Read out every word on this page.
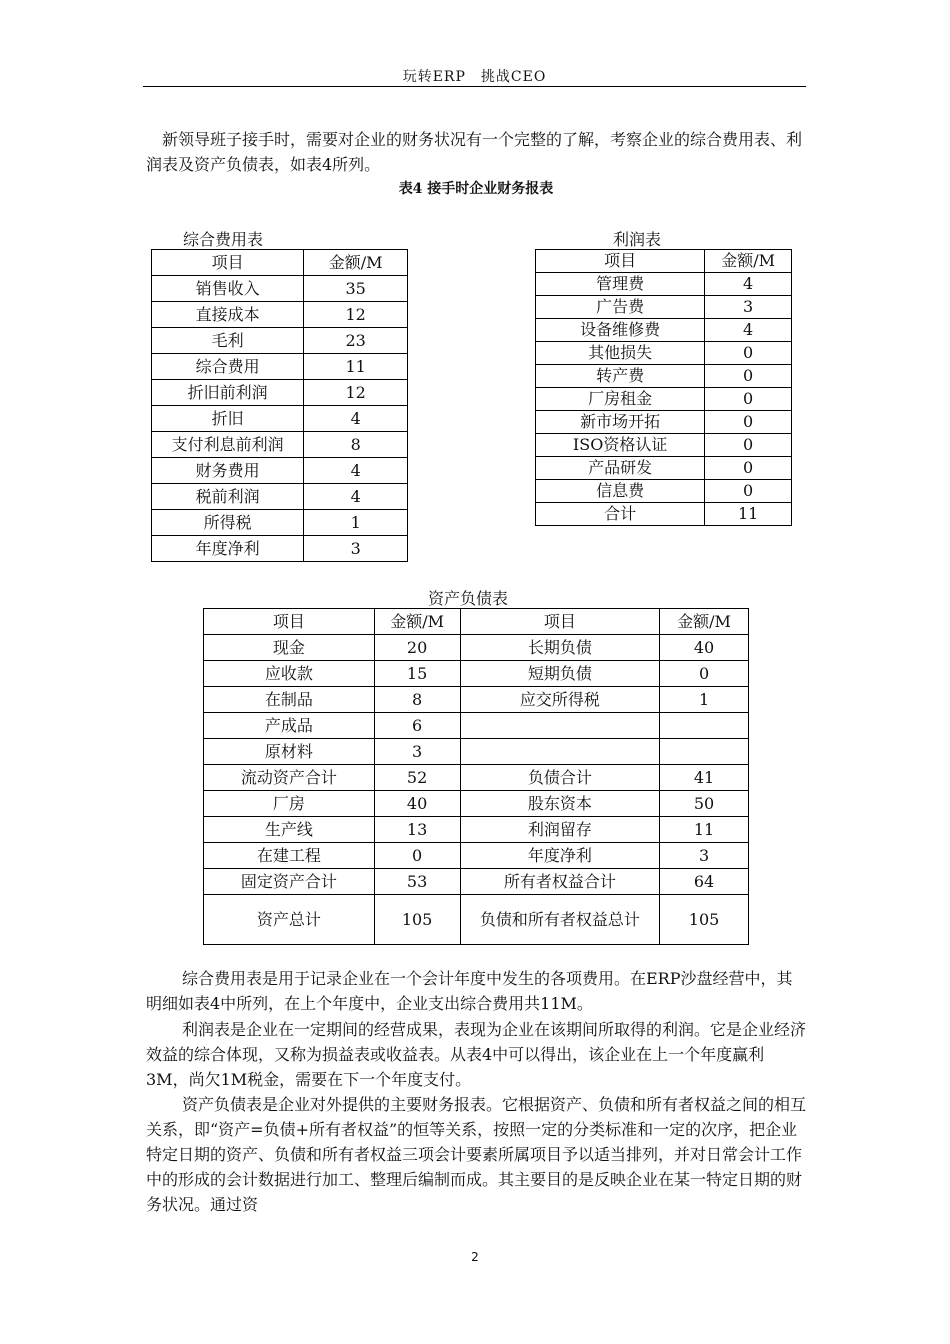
玩转ERP　挑战CEO

新领导班子接手时，需要对企业的财务状况有一个完整的了解，考察企业的综合费用表、利润表及资产负债表，如表4所列。

表4 接手时企业财务报表
综合费用表
项目	金额/M
销售收入	35
直接成本	12
毛利	23
综合费用	11
折旧前利润	12
折旧	4
支付利息前利润	8
财务费用	4
税前利润	4
所得税	1
年度净利	3
利润表
项目	金额/M
管理费	4
广告费	3
设备维修费	4
其他损失	0
转产费	0
厂房租金	0
新市场开拓	0
ISO资格认证	0
产品研发	0
信息费	0
合计	11
资产负债表
项目	金额/M	项目	金额/M
现金	20	长期负债	40
应收款	15	短期负债	0
在制品	8	应交所得税	1
产成品	6		
原材料	3		
流动资产合计	52	负债合计	41
厂房	40	股东资本	50
生产线	13	利润留存	11
在建工程	0	年度净利	3
固定资产合计	53	所有者权益合计	64
资产总计	105	负债和所有者权益总计	105

综合费用表是用于记录企业在一个会计年度中发生的各项费用。在ERP沙盘经营中，其明细如表4中所列，在上个年度中，企业支出综合费用共11M。

利润表是企业在一定期间的经营成果，表现为企业在该期间所取得的利润。它是企业经济效益的综合体现，又称为损益表或收益表。从表4中可以得出，该企业在上一个年度赢利3M，尚欠1M税金，需要在下一个年度支付。

资产负债表是企业对外提供的主要财务报表。它根据资产、负债和所有者权益之间的相互关系，即“资产=负债+所有者权益”的恒等关系，按照一定的分类标准和一定的次序，把企业特定日期的资产、负债和所有者权益三项会计要素所属项目予以适当排列，并对日常会计工作中的形成的会计数据进行加工、整理后编制而成。其主要目的是反映企业在某一特定日期的财务状况。通过资

2
